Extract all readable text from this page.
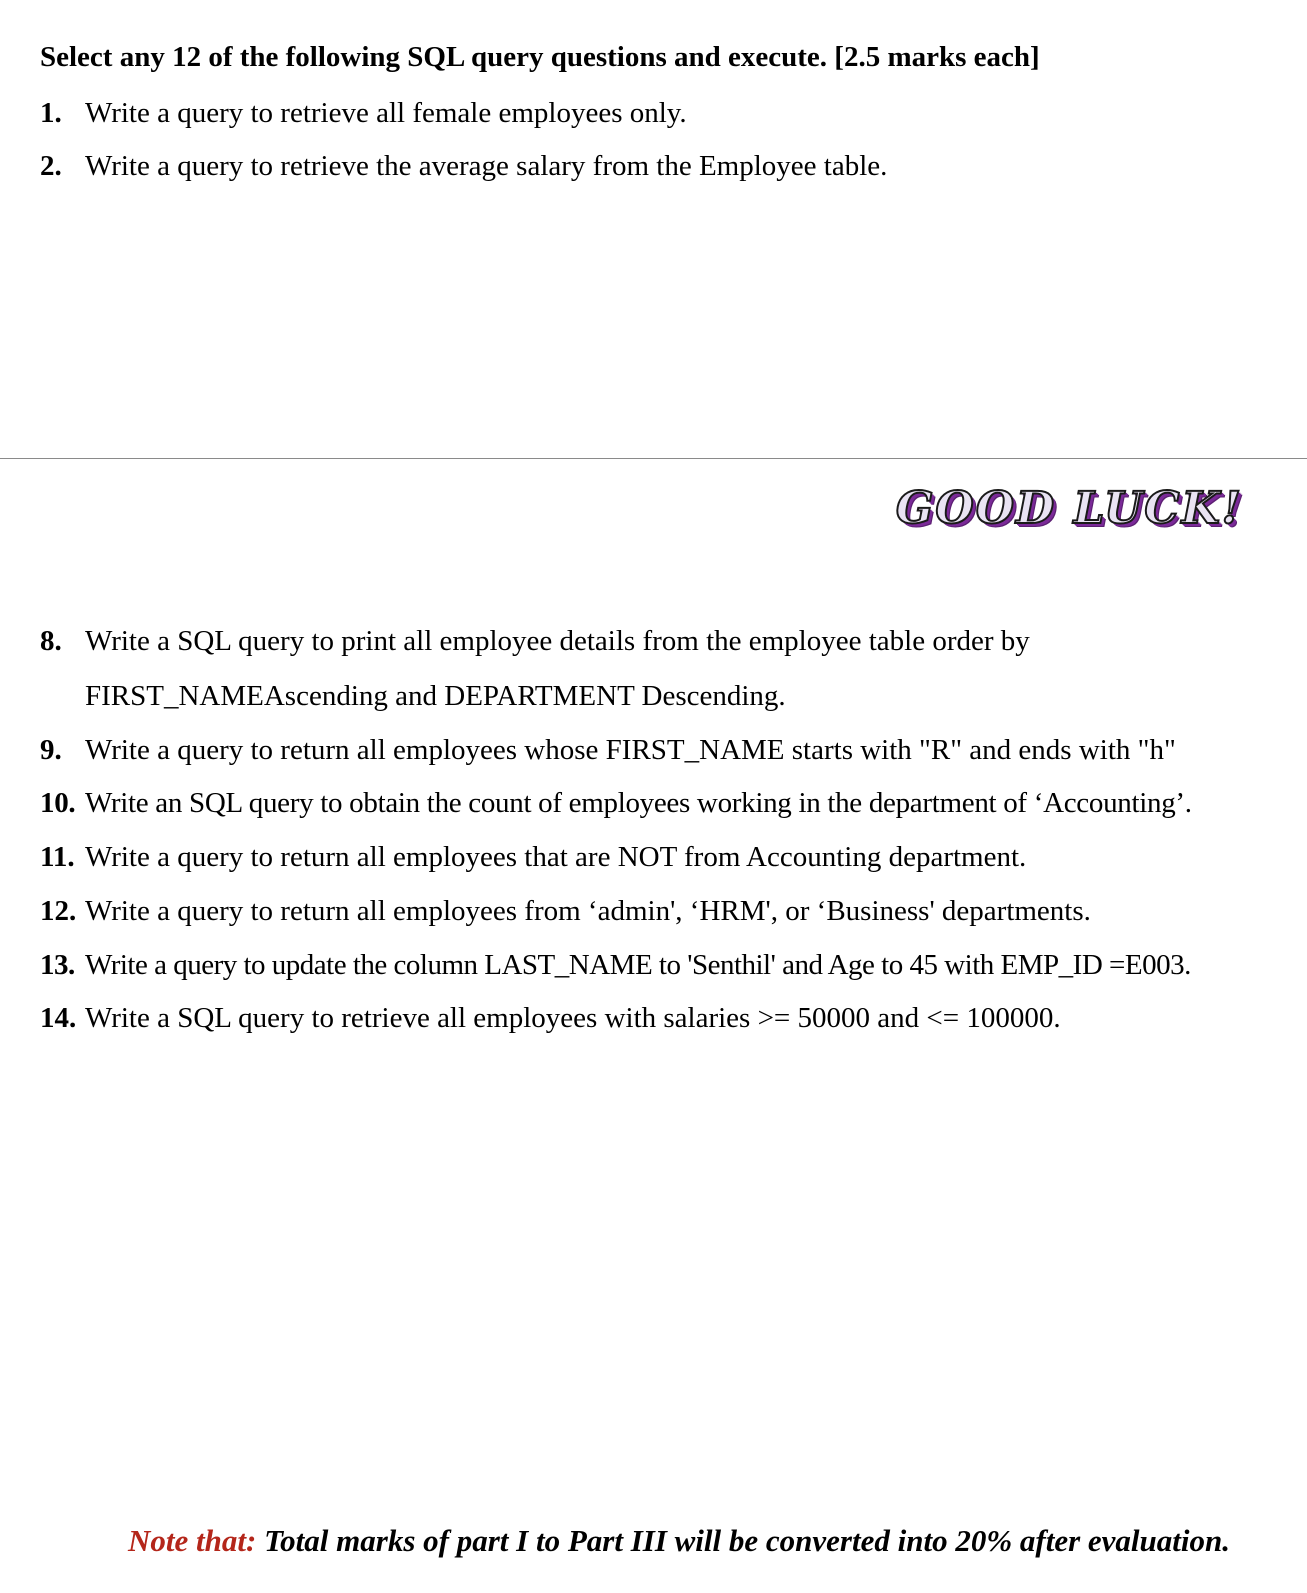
Select any 12 of the following SQL query questions and execute. [2.5 marks each]
1. Write a query to retrieve all female employees only.
2. Write a query to retrieve the average salary from the Employee table.
GOOD LUCK!
8. Write a SQL query to print all employee details from the employee table order by
FIRST_NAMEAscending and DEPARTMENT Descending.
9. Write a query to return all employees whose FIRST_NAME starts with "R" and ends with "h"
10. Write an SQL query to obtain the count of employees working in the department of ‘Accounting’.
11. Write a query to return all employees that are NOT from Accounting department.
12. Write a query to return all employees from ‘admin', ‘HRM', or ‘Business' departments.
13. Write a query to update the column LAST_NAME to 'Senthil' and Age to 45 with EMP_ID =E003.
14. Write a SQL query to retrieve all employees with salaries >= 50000 and <= 100000.
Note that: Total marks of part I to Part III will be converted into 20% after evaluation.
